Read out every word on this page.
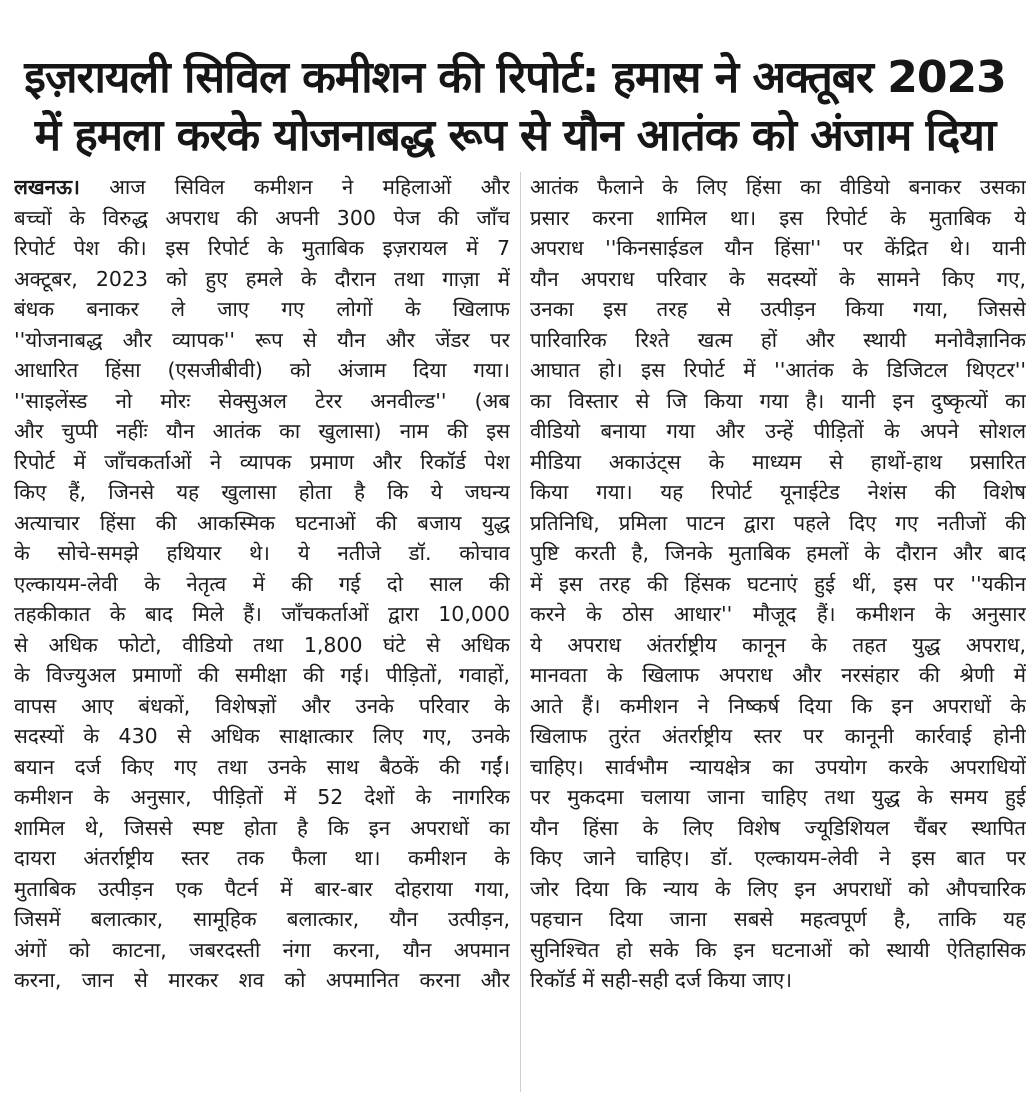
इज़रायली सिविल कमीशन की रिपोर्ट: हमास ने अक्तूबर 2023
में हमला करके योजनाबद्ध रूप से यौन आतंक को अंजाम दिया
लखनऊ। आज सिविल कमीशन ने महिलाओं और
बच्चों के विरुद्ध अपराध की अपनी 300 पेज की जाँच
रिपोर्ट पेश की। इस रिपोर्ट के मुताबिक इज़रायल में 7
अक्टूबर, 2023 को हुए हमले के दौरान तथा गाज़ा में
बंधक बनाकर ले जाए गए लोगों के खिलाफ
''योजनाबद्ध और व्यापक'' रूप से यौन और जेंडर पर
आधारित हिंसा (एसजीबीवी) को अंजाम दिया गया।
''साइलेंस्ड नो मोरः सेक्सुअल टेरर अनवील्ड'' (अब
और चुप्पी नहींः यौन आतंक का खुलासा) नाम की इस
रिपोर्ट में जाँचकर्ताओं ने व्यापक प्रमाण और रिकॉर्ड पेश
किए हैं, जिनसे यह खुलासा होता है कि ये जघन्य
अत्याचार हिंसा की आकस्मिक घटनाओं की बजाय युद्ध
के सोचे-समझे हथियार थे। ये नतीजे डॉ. कोचाव
एल्कायम-लेवी के नेतृत्व में की गई दो साल की
तहकीकात के बाद मिले हैं। जाँचकर्ताओं द्वारा 10,000
से अधिक फोटो, वीडियो तथा 1,800 घंटे से अधिक
के विज्युअल प्रमाणों की समीक्षा की गई। पीड़ितों, गवाहों,
वापस आए बंधकों, विशेषज्ञों और उनके परिवार के
सदस्यों के 430 से अधिक साक्षात्कार लिए गए, उनके
बयान दर्ज किए गए तथा उनके साथ बैठकें की गईं।
कमीशन के अनुसार, पीड़ितों में 52 देशों के नागरिक
शामिल थे, जिससे स्पष्ट होता है कि इन अपराधों का
दायरा अंतर्राष्ट्रीय स्तर तक फैला था। कमीशन के
मुताबिक उत्पीड़न एक पैटर्न में बार-बार दोहराया गया,
जिसमें बलात्कार, सामूहिक बलात्कार, यौन उत्पीड़न,
अंगों को काटना, जबरदस्ती नंगा करना, यौन अपमान
करना, जान से मारकर शव को अपमानित करना और
आतंक फैलाने के लिए हिंसा का वीडियो बनाकर उसका
प्रसार करना शामिल था। इस रिपोर्ट के मुताबिक ये
अपराध ''किनसाईडल यौन हिंसा'' पर केंद्रित थे। यानी
यौन अपराध परिवार के सदस्यों के सामने किए गए,
उनका इस तरह से उत्पीड़न किया गया, जिससे
पारिवारिक रिश्ते खत्म हों और स्थायी मनोवैज्ञानिक
आघात हो। इस रिपोर्ट में ''आतंक के डिजिटल थिएटर''
का विस्तार से जि किया गया है। यानी इन दुष्कृत्यों का
वीडियो बनाया गया और उन्हें पीड़ितों के अपने सोशल
मीडिया अकाउंट्स के माध्यम से हाथों-हाथ प्रसारित
किया गया। यह रिपोर्ट यूनाईटेड नेशंस की विशेष
प्रतिनिधि, प्रमिला पाटन द्वारा पहले दिए गए नतीजों की
पुष्टि करती है, जिनके मुताबिक हमलों के दौरान और बाद
में इस तरह की हिंसक घटनाएं हुई थीं, इस पर ''यकीन
करने के ठोस आधार'' मौजूद हैं। कमीशन के अनुसार
ये अपराध अंतर्राष्ट्रीय कानून के तहत युद्ध अपराध,
मानवता के खिलाफ अपराध और नरसंहार की श्रेणी में
आते हैं। कमीशन ने निष्कर्ष दिया कि इन अपराधों के
खिलाफ तुरंत अंतर्राष्ट्रीय स्तर पर कानूनी कार्रवाई होनी
चाहिए। सार्वभौम न्यायक्षेत्र का उपयोग करके अपराधियों
पर मुकदमा चलाया जाना चाहिए तथा युद्ध के समय हुई
यौन हिंसा के लिए विशेष ज्यूडिशियल चैंबर स्थापित
किए जाने चाहिए। डॉ. एल्कायम-लेवी ने इस बात पर
जोर दिया कि न्याय के लिए इन अपराधों को औपचारिक
पहचान दिया जाना सबसे महत्वपूर्ण है, ताकि यह
सुनिश्चित हो सके कि इन घटनाओं को स्थायी ऐतिहासिक
रिकॉर्ड में सही-सही दर्ज किया जाए।
